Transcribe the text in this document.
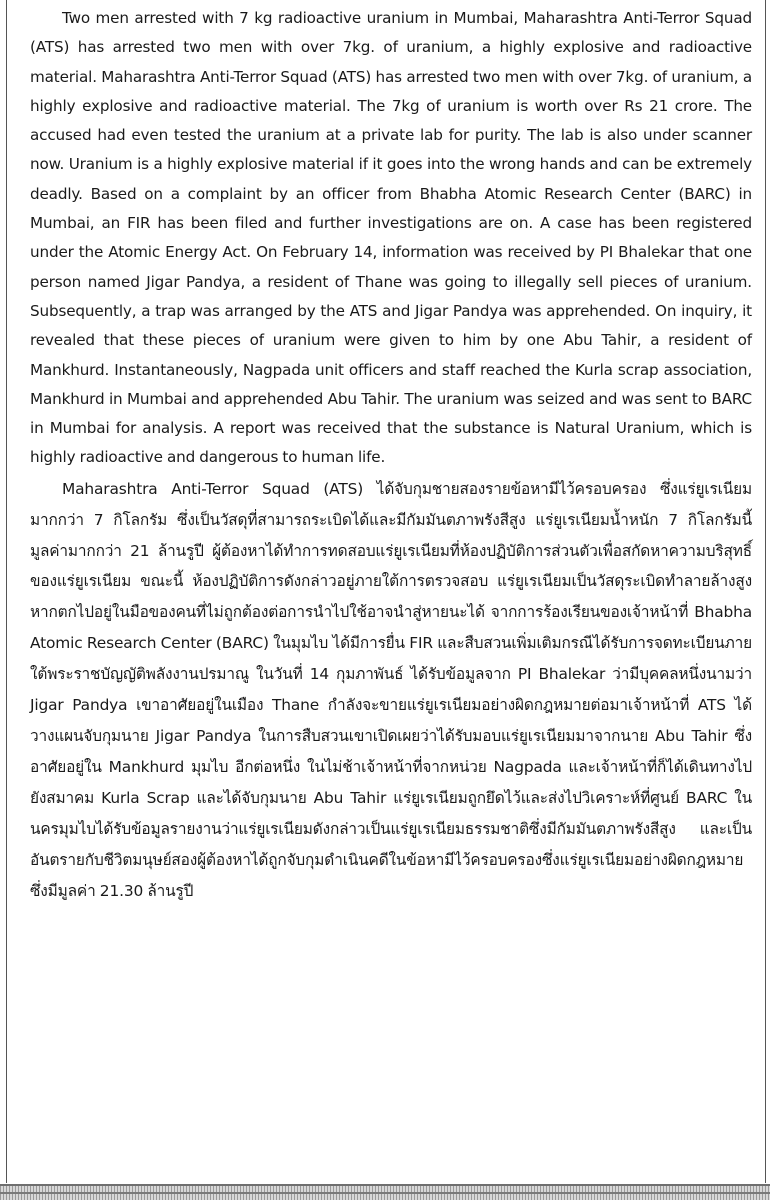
Two men arrested with 7 kg radioactive uranium in Mumbai, Maharashtra Anti-Terror Squad (ATS) has arrested two men with over 7kg. of uranium, a highly explosive and radioactive material. Maharashtra Anti-Terror Squad (ATS) has arrested two men with over 7kg. of uranium, a highly explosive and radioactive material. The 7kg of uranium is worth over Rs 21 crore. The accused had even tested the uranium at a private lab for purity. The lab is also under scanner now. Uranium is a highly explosive material if it goes into the wrong hands and can be extremely deadly. Based on a complaint by an officer from Bhabha Atomic Research Center (BARC) in Mumbai, an FIR has been filed and further investigations are on. A case has been registered under the Atomic Energy Act. On February 14, information was received by PI Bhalekar that one person named Jigar Pandya, a resident of Thane was going to illegally sell pieces of uranium. Subsequently, a trap was arranged by the ATS and Jigar Pandya was apprehended. On inquiry, it revealed that these pieces of uranium were given to him by one Abu Tahir, a resident of Mankhurd. Instantaneously, Nagpada unit officers and staff reached the Kurla scrap association, Mankhurd in Mumbai and apprehended Abu Tahir. The uranium was seized and was sent to BARC in Mumbai for analysis. A report was received that the substance is Natural Uranium, which is highly radioactive and dangerous to human life.

Maharashtra Anti-Terror Squad (ATS) ได้จับกุมชายสองรายข้อหามีไว้ครอบครอง ซึ่งแร่ยูเรเนียมมากกว่า 7 กิโลกรัม ซึ่งเป็นวัสดุที่สามารถระเบิดได้และมีกัมมันตภาพรังสีสูง แร่ยูเรเนียมน้ำหนัก 7 กิโลกรัมนี้ มูลค่ามากกว่า 21 ล้านรูปี ผู้ต้องหาได้ทำการทดสอบแร่ยูเรเนียมที่ห้องปฏิบัติการส่วนตัวเพื่อสกัดหาความบริสุทธิ์ของแร่ยูเรเนียม ขณะนี้ ห้องปฏิบัติการดังกล่าวอยู่ภายใต้การตรวจสอบ แร่ยูเรเนียมเป็นวัสดุระเบิดทำลายล้างสูง หากตกไปอยู่ในมือของคนที่ไม่ถูกต้องต่อการนำไปใช้อาจนำสู่หายนะได้ จากการร้องเรียนของเจ้าหน้าที่ Bhabha Atomic Research Center (BARC) ในมุมไบ ได้มีการยื่น FIR และสืบสวนเพิ่มเติมกรณีได้รับการจดทะเบียนภายใต้พระราชบัญญัติพลังงานปรมาณู ในวันที่ 14 กุมภาพันธ์ ได้รับข้อมูลจาก PI Bhalekar ว่ามีบุคคลหนึ่งนามว่า Jigar Pandya เขาอาศัยอยู่ในเมือง Thane กำลังจะขายแร่ยูเรเนียมอย่างผิดกฎหมายต่อมาเจ้าหน้าที่ ATS ได้วางแผนจับกุมนาย Jigar Pandya ในการสืบสวนเขาเปิดเผยว่าได้รับมอบแร่ยูเรเนียมมาจากนาย Abu Tahir ซึ่งอาศัยอยู่ใน Mankhurd มุมไบ อีกต่อหนึ่ง ในไม่ช้าเจ้าหน้าที่จากหน่วย Nagpada และเจ้าหน้าที่ก็ได้เดินทางไปยังสมาคม Kurla Scrap และได้จับกุมนาย Abu Tahir แร่ยูเรเนียมถูกยึดไว้และส่งไปวิเคราะห์ที่ศูนย์ BARC ในนครมุมไบได้รับข้อมูลรายงานว่าแร่ยูเรเนียมดังกล่าวเป็นแร่ยูเรเนียมธรรมชาติซึ่งมีกัมมันตภาพรังสีสูง และเป็นอันตรายกับชีวิตมนุษย์สองผู้ต้องหาได้ถูกจับกุมดำเนินคดีในข้อหามีไว้ครอบครองซึ่งแร่ยูเรเนียมอย่างผิดกฎหมายซึ่งมีมูลค่า 21.30 ล้านรูปี
